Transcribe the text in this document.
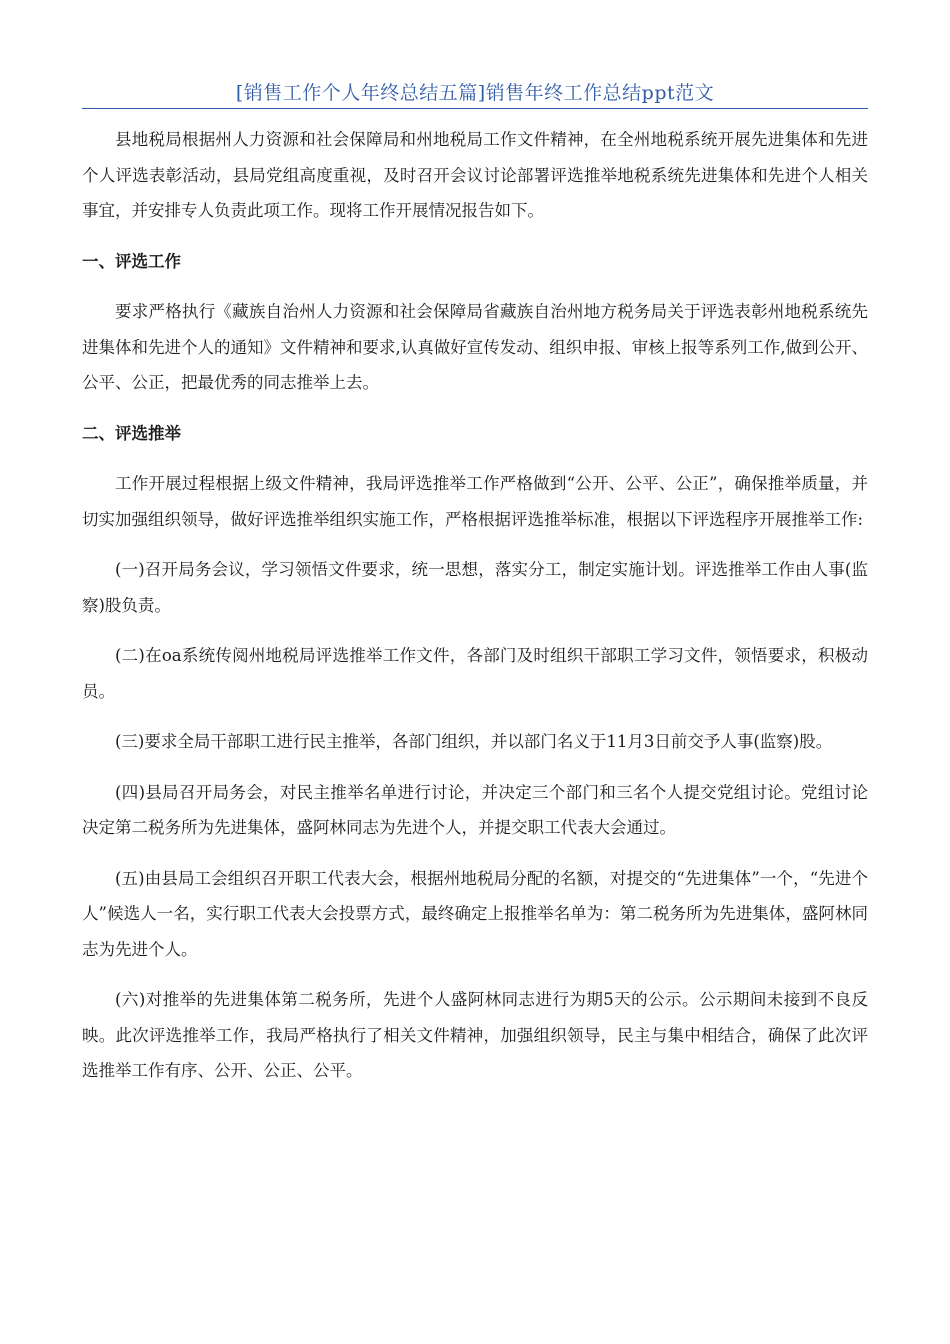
[销售工作个人年终总结五篇]销售年终工作总结ppt范文

县地税局根据州人力资源和社会保障局和州地税局工作文件精神，在全州地税系统开展先进集体和先进个人评选表彰活动，县局党组高度重视，及时召开会议讨论部署评选推举地税系统先进集体和先进个人相关事宜，并安排专人负责此项工作。现将工作开展情况报告如下。

一、评选工作

要求严格执行《藏族自治州人力资源和社会保障局省藏族自治州地方税务局关于评选表彰州地税系统先进集体和先进个人的通知》文件精神和要求,认真做好宣传发动、组织申报、审核上报等系列工作,做到公开、公平、公正，把最优秀的同志推举上去。

二、评选推举

工作开展过程根据上级文件精神，我局评选推举工作严格做到“公开、公平、公正”，确保推举质量，并切实加强组织领导，做好评选推举组织实施工作，严格根据评选推举标准，根据以下评选程序开展推举工作:

(一)召开局务会议，学习领悟文件要求，统一思想，落实分工，制定实施计划。评选推举工作由人事(监察)股负责。

(二)在oa系统传阅州地税局评选推举工作文件，各部门及时组织干部职工学习文件，领悟要求，积极动员。

(三)要求全局干部职工进行民主推举，各部门组织，并以部门名义于11月3日前交予人事(监察)股。

(四)县局召开局务会，对民主推举名单进行讨论，并决定三个部门和三名个人提交党组讨论。党组讨论决定第二税务所为先进集体，盛阿林同志为先进个人，并提交职工代表大会通过。

(五)由县局工会组织召开职工代表大会，根据州地税局分配的名额，对提交的“先进集体”一个，“先进个人”候选人一名，实行职工代表大会投票方式，最终确定上报推举名单为：第二税务所为先进集体，盛阿林同志为先进个人。

(六)对推举的先进集体第二税务所，先进个人盛阿林同志进行为期5天的公示。公示期间未接到不良反映。此次评选推举工作，我局严格执行了相关文件精神，加强组织领导，民主与集中相结合，确保了此次评选推举工作有序、公开、公正、公平。
